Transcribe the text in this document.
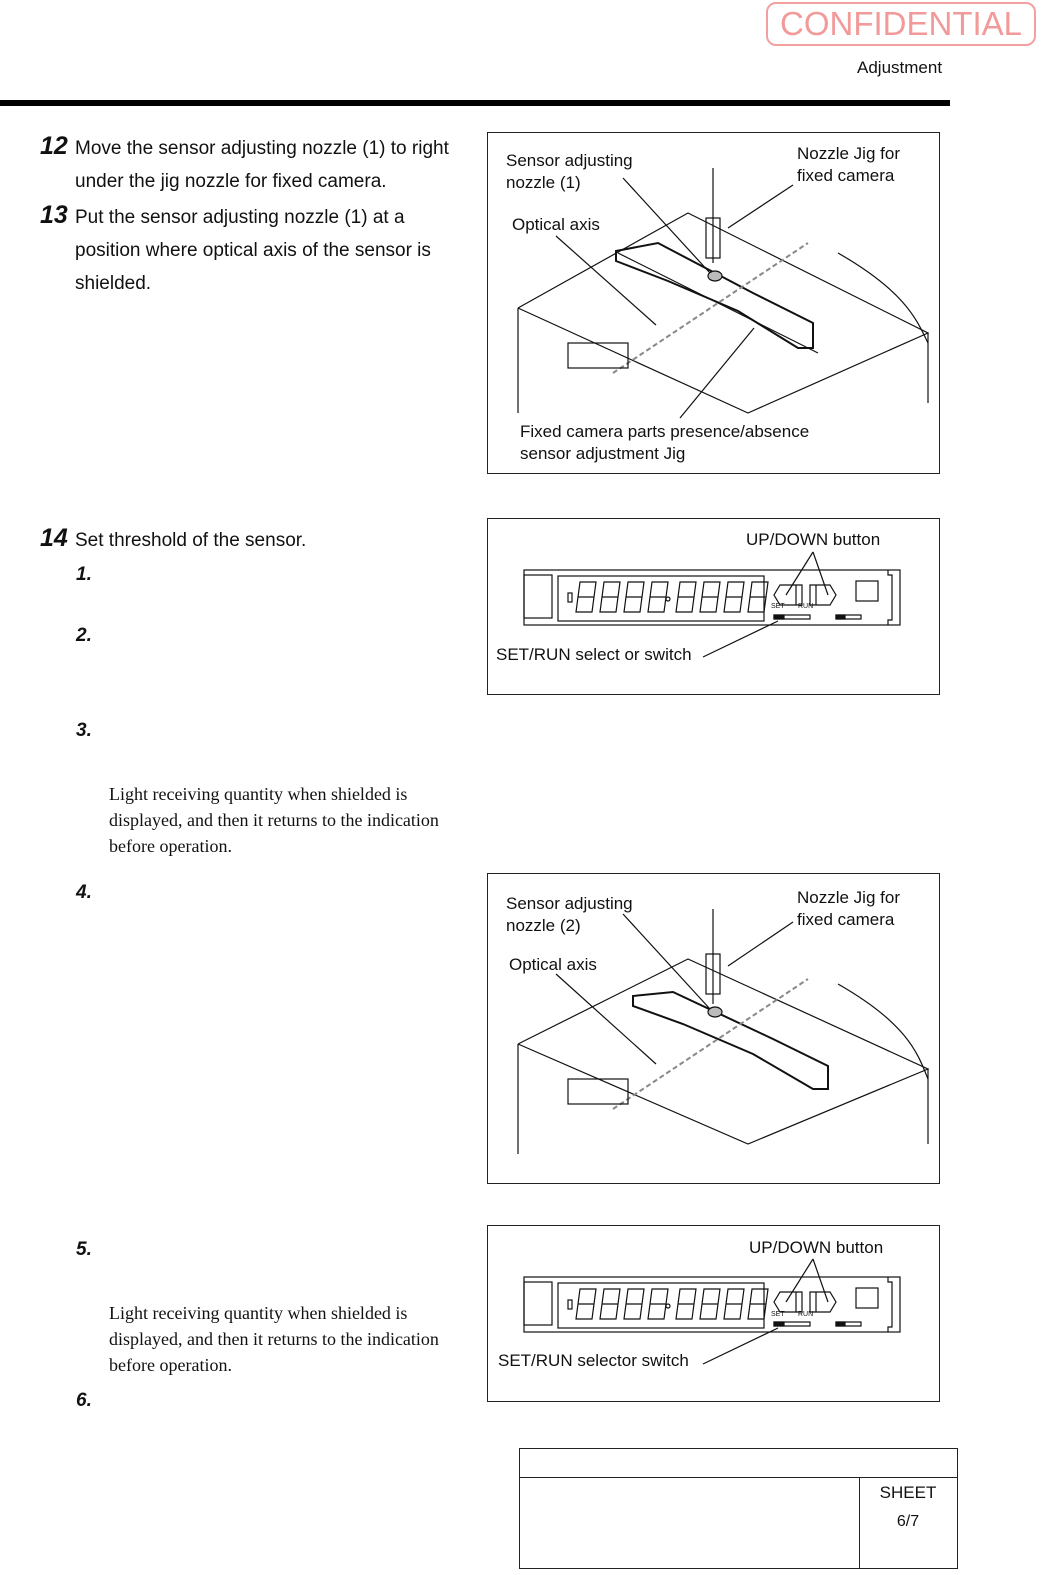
CONFIDENTIAL
Adjustment
12 Move the sensor adjusting nozzle (1) to right
under the jig nozzle for fixed camera.
13 Put the sensor adjusting nozzle (1) at a
position where optical axis of the sensor is
shielded.
14 Set threshold of the sensor.
1.
2.
3.
Light receiving quantity when shielded is
displayed, and then it returns to the indication
before operation.
4.
5.
Light receiving quantity when shielded is
displayed, and then it returns to the indication
before operation.
6.
Sensor adjusting
nozzle (1)
Nozzle Jig for
fixed camera
Optical axis
Fixed camera parts presence/absence
sensor adjustment Jig
UP/DOWN button
SET/RUN select or switch
SET RUN
Sensor adjusting
nozzle (2)
Nozzle Jig for
fixed camera
Optical axis
UP/DOWN button
SET/RUN selector switch
SET RUN
SHEET
6/7
